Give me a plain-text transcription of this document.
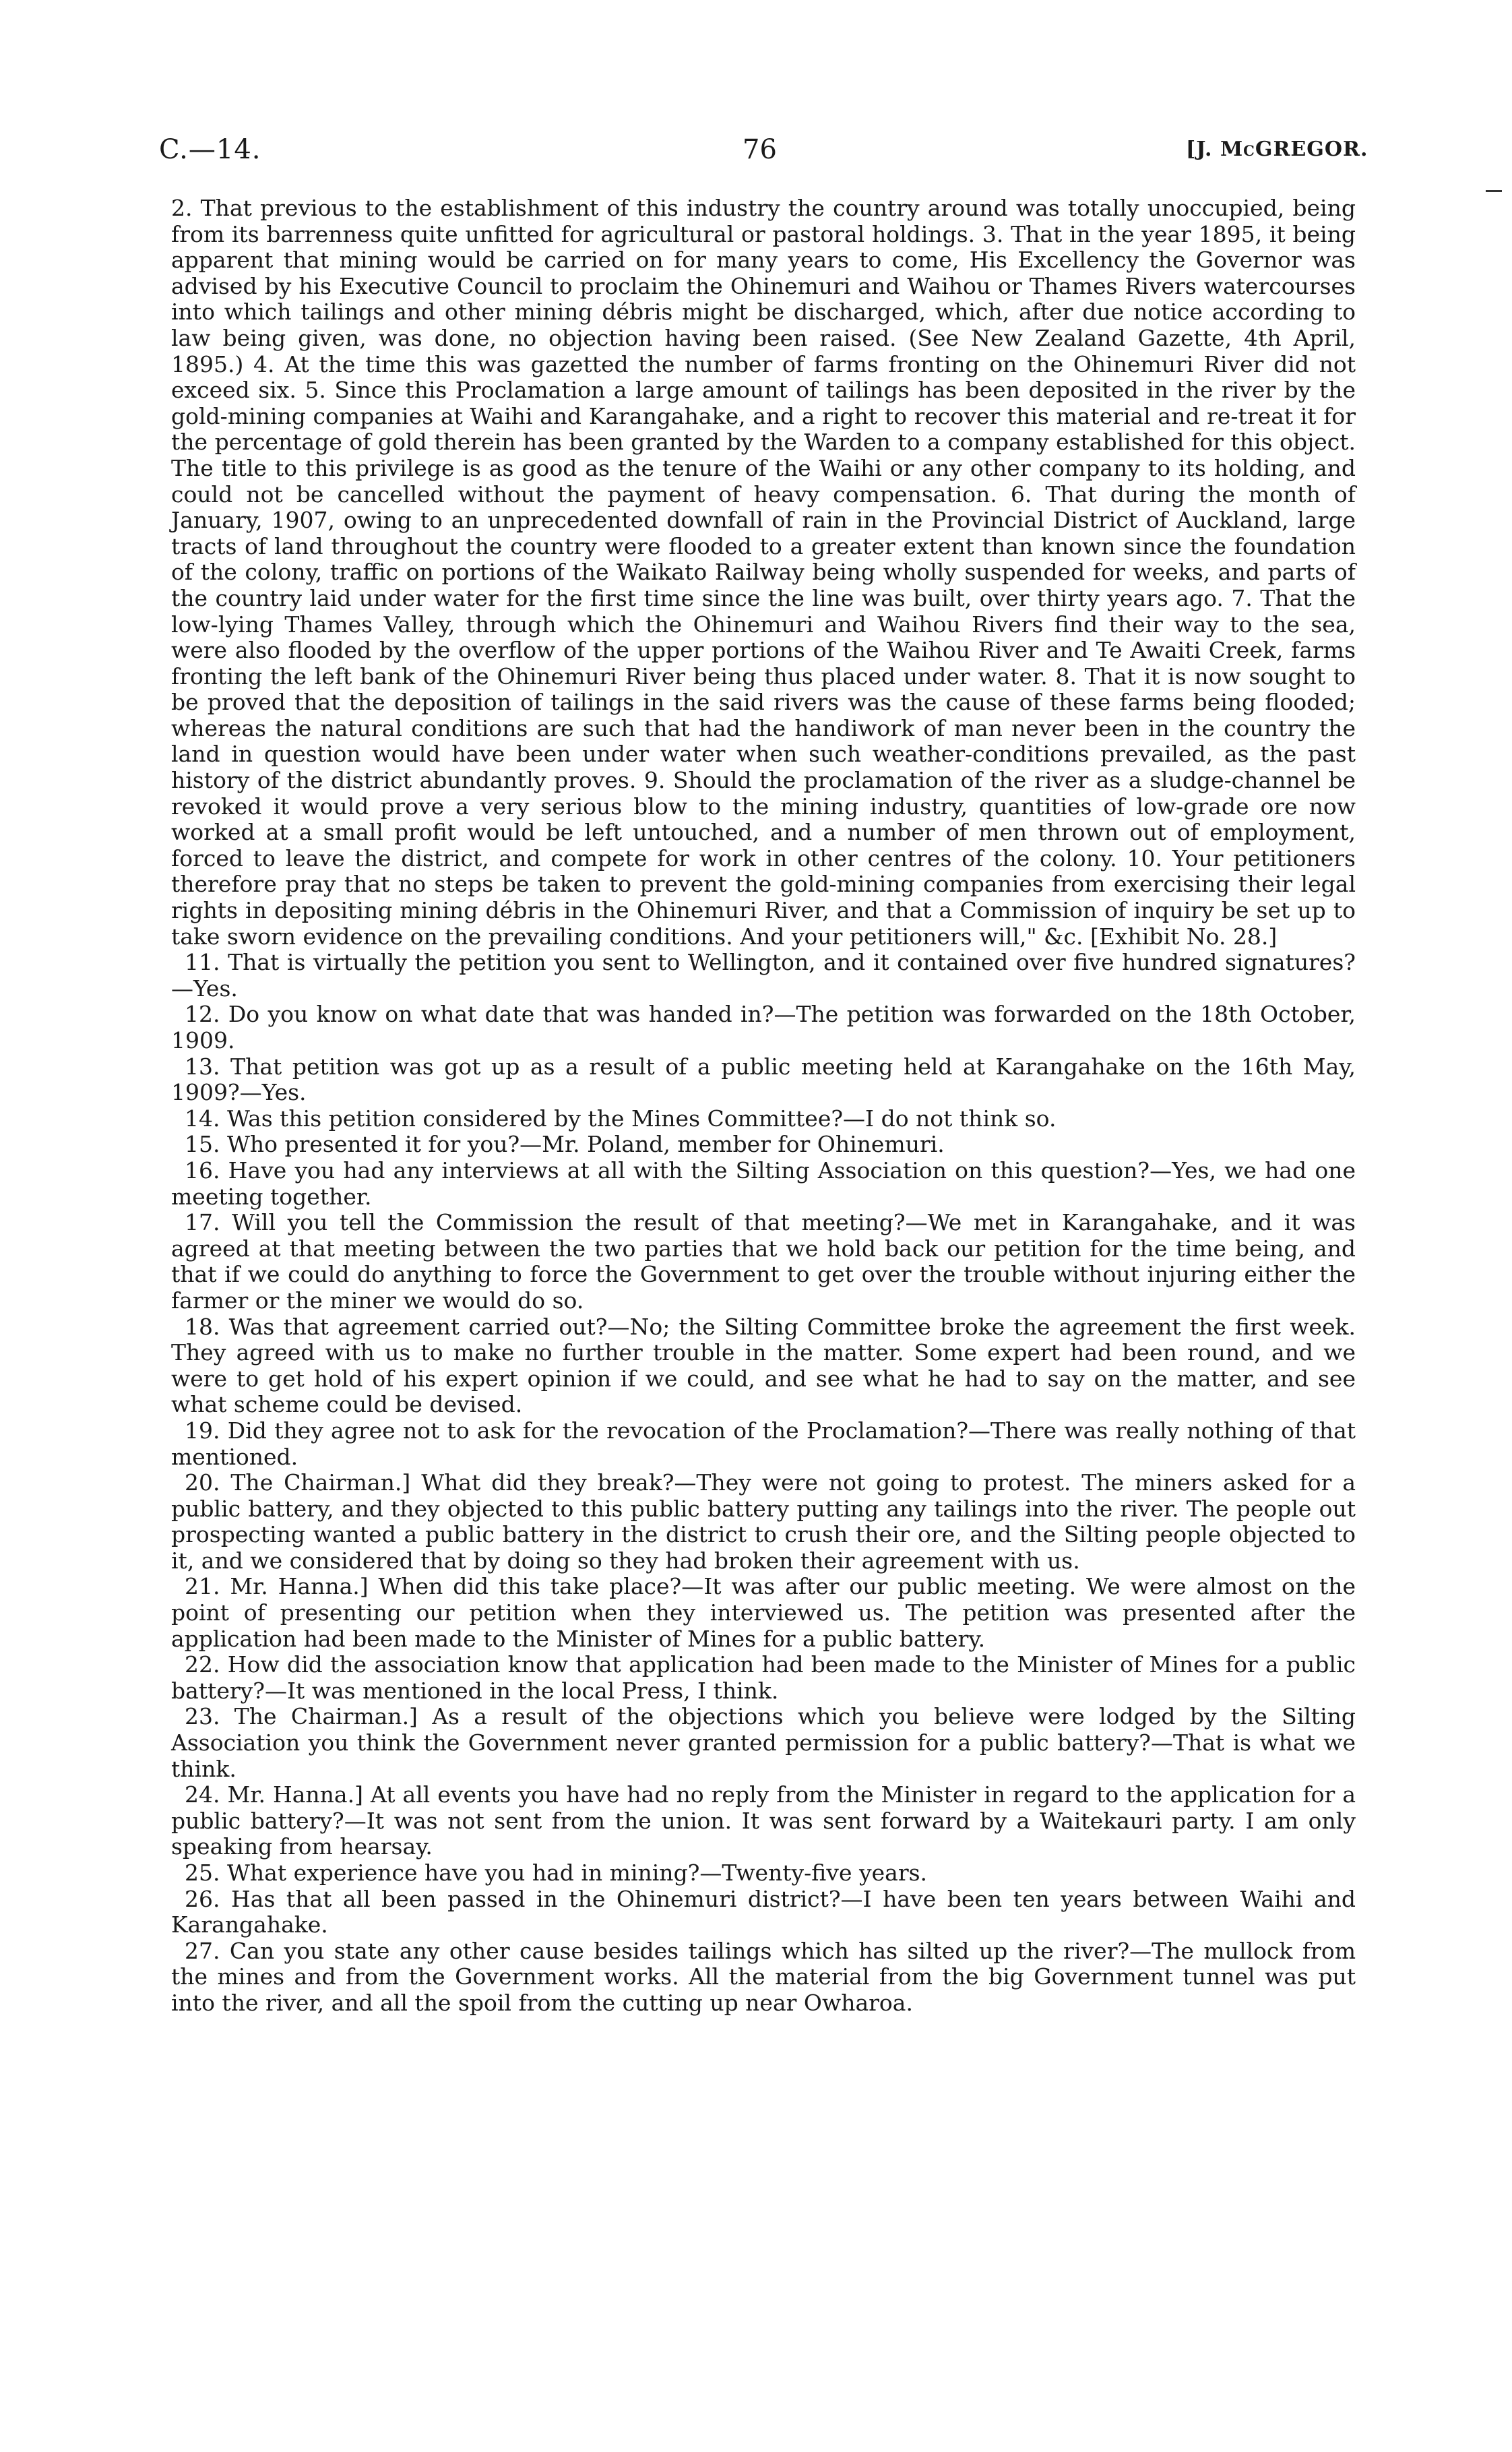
C.—14.	76	[J. McGREGOR.

2. That previous to the establishment of this industry the country around was totally unoccupied, being from its barrenness quite unfitted for agricultural or pastoral holdings. 3. That in the year 1895, it being apparent that mining would be carried on for many years to come, His Excellency the Governor was advised by his Executive Council to proclaim the Ohinemuri and Waihou or Thames Rivers watercourses into which tailings and other mining débris might be discharged, which, after due notice according to law being given, was done, no objection having been raised. (See New Zealand Gazette, 4th April, 1895.) 4. At the time this was gazetted the number of farms fronting on the Ohinemuri River did not exceed six. 5. Since this Proclamation a large amount of tailings has been deposited in the river by the gold-mining companies at Waihi and Karangahake, and a right to recover this material and re-treat it for the percentage of gold therein has been granted by the Warden to a company established for this object. The title to this privilege is as good as the tenure of the Waihi or any other company to its holding, and could not be cancelled without the payment of heavy compensation. 6. That during the month of January, 1907, owing to an unprecedented downfall of rain in the Provincial District of Auckland, large tracts of land throughout the country were flooded to a greater extent than known since the foundation of the colony, traffic on portions of the Waikato Railway being wholly suspended for weeks, and parts of the country laid under water for the first time since the line was built, over thirty years ago. 7. That the low-lying Thames Valley, through which the Ohinemuri and Waihou Rivers find their way to the sea, were also flooded by the overflow of the upper portions of the Waihou River and Te Awaiti Creek, farms fronting the left bank of the Ohinemuri River being thus placed under water. 8. That it is now sought to be proved that the deposition of tailings in the said rivers was the cause of these farms being flooded; whereas the natural conditions are such that had the handiwork of man never been in the country the land in question would have been under water when such weather-conditions prevailed, as the past history of the district abundantly proves. 9. Should the proclamation of the river as a sludge-channel be revoked it would prove a very serious blow to the mining industry, quantities of low-grade ore now worked at a small profit would be left untouched, and a number of men thrown out of employment, forced to leave the district, and compete for work in other centres of the colony. 10. Your petitioners therefore pray that no steps be taken to prevent the gold-mining companies from exercising their legal rights in depositing mining débris in the Ohinemuri River, and that a Commission of inquiry be set up to take sworn evidence on the prevailing conditions. And your petitioners will," &c. [Exhibit No. 28.]

11. That is virtually the petition you sent to Wellington, and it contained over five hundred signatures?—Yes.

12. Do you know on what date that was handed in?—The petition was forwarded on the 18th October, 1909.

13. That petition was got up as a result of a public meeting held at Karangahake on the 16th May, 1909?—Yes.

14. Was this petition considered by the Mines Committee?—I do not think so.

15. Who presented it for you?—Mr. Poland, member for Ohinemuri.

16. Have you had any interviews at all with the Silting Association on this question?—Yes, we had one meeting together.

17. Will you tell the Commission the result of that meeting?—We met in Karangahake, and it was agreed at that meeting between the two parties that we hold back our petition for the time being, and that if we could do anything to force the Government to get over the trouble without injuring either the farmer or the miner we would do so.

18. Was that agreement carried out?—No; the Silting Committee broke the agreement the first week. They agreed with us to make no further trouble in the matter. Some expert had been round, and we were to get hold of his expert opinion if we could, and see what he had to say on the matter, and see what scheme could be devised.

19. Did they agree not to ask for the revocation of the Proclamation?—There was really nothing of that mentioned.

20. The Chairman.] What did they break?—They were not going to protest. The miners asked for a public battery, and they objected to this public battery putting any tailings into the river. The people out prospecting wanted a public battery in the district to crush their ore, and the Silting people objected to it, and we considered that by doing so they had broken their agreement with us.

21. Mr. Hanna.] When did this take place?—It was after our public meeting. We were almost on the point of presenting our petition when they interviewed us. The petition was presented after the application had been made to the Minister of Mines for a public battery.

22. How did the association know that application had been made to the Minister of Mines for a public battery?—It was mentioned in the local Press, I think.

23. The Chairman.] As a result of the objections which you believe were lodged by the Silting Association you think the Government never granted permission for a public battery?—That is what we think.

24. Mr. Hanna.] At all events you have had no reply from the Minister in regard to the application for a public battery?—It was not sent from the union. It was sent forward by a Waitekauri party. I am only speaking from hearsay.

25. What experience have you had in mining?—Twenty-five years.

26. Has that all been passed in the Ohinemuri district?—I have been ten years between Waihi and Karangahake.

27. Can you state any other cause besides tailings which has silted up the river?—The mullock from the mines and from the Government works. All the material from the big Government tunnel was put into the river, and all the spoil from the cutting up near Owharoa.
